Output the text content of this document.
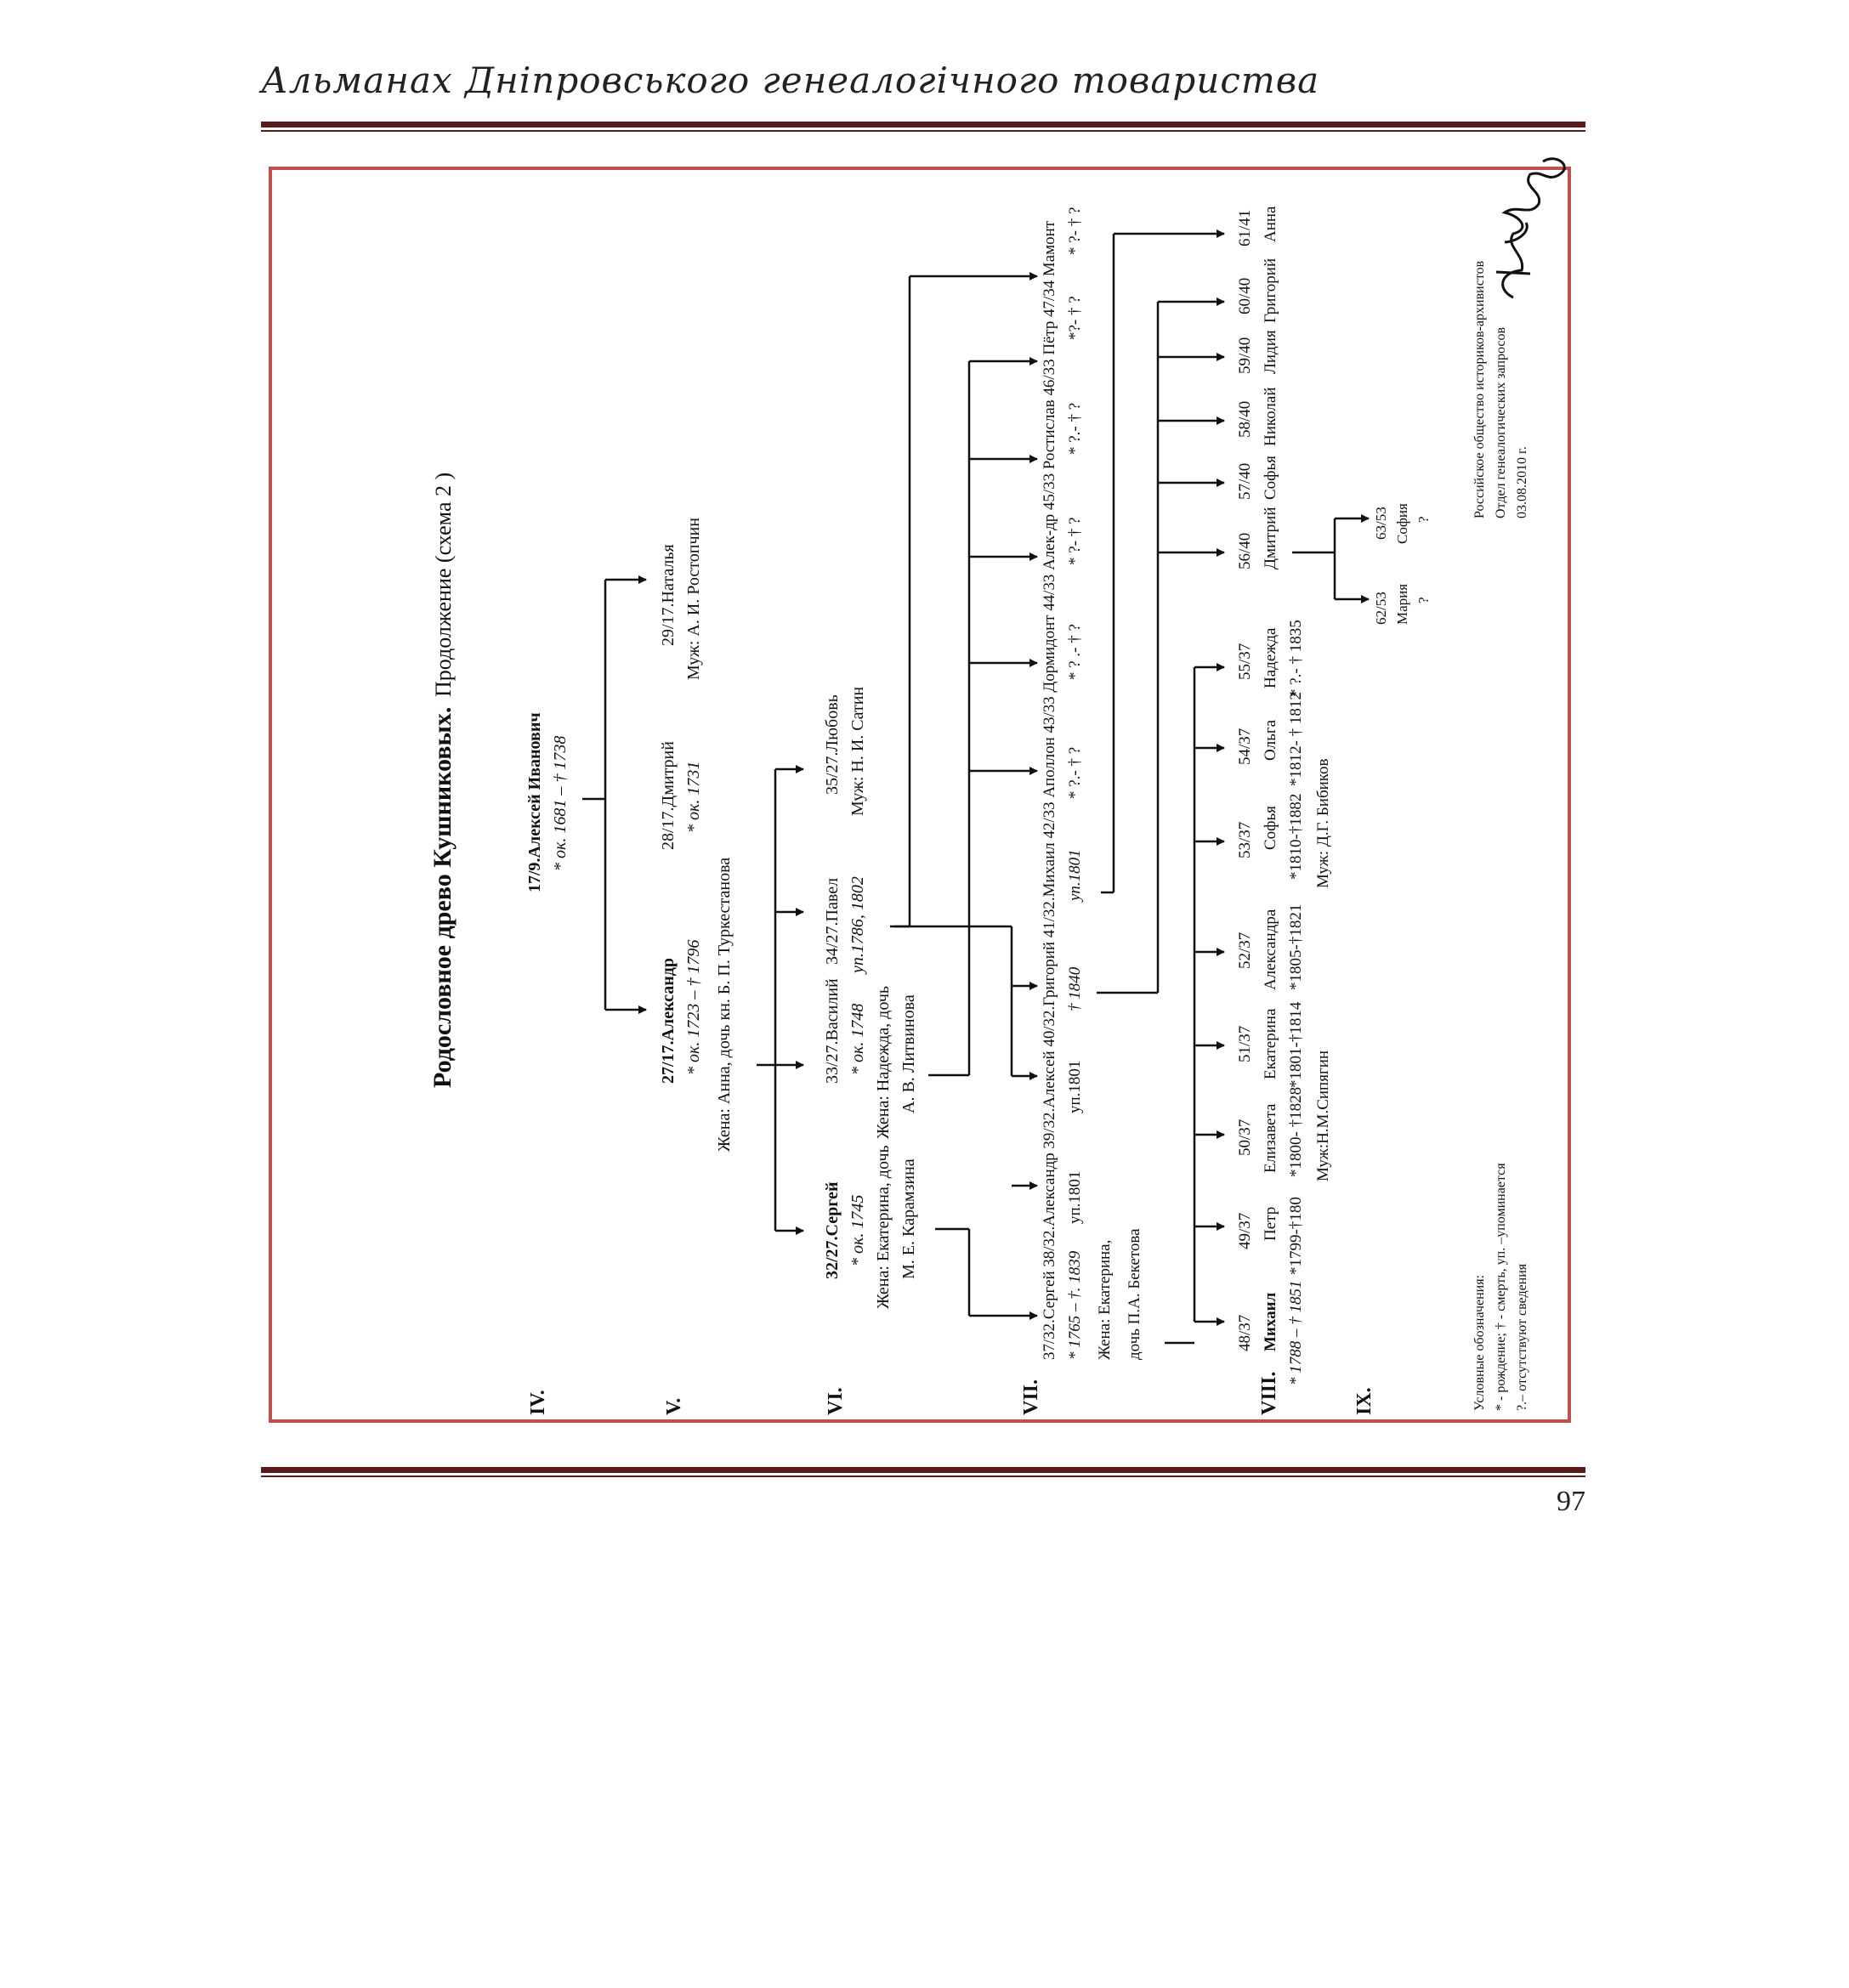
Альманах Дніпровського генеалогічного товариства
Родословное древо Кушниковых.
Продолжение (схема 2 )
IV.	V.	VI.	VII.	VIII.	IX.
17/9.Алексей Иванович * ок. 1681 – † 1738
27/17.Александр * ок. 1723 – † 1796 Жена: Анна, дочь кн. Б. П. Туркестанова
28/17.Дмитрий * ок. 1731
29/17.Наталья Муж: А. И. Ростопчин
32/27.Сергей * ок. 1745 Жена: Екатерина, дочь М. Е. Карамзина
33/27.Василий * ок. 1748 Жена: Надежда, дочь А. В. Литвинова
34/27.Павел уп.1786, 1802
35/27.Любовь Муж: Н. И. Сатин	37/32.Сергей 38/32.Александр 39/32.Алексей 40/32.Григорий 41/32.Михаил 42/33 Аполлон 43/33 Дормидонт 44/33 Алек-др 45/33 Ростислав 46/33 Пётр 47/34 Мамонт * 1765 – †. 1839
уп.1801
уп.1801
† 1840
уп.1801
* ?.- † ?
* ? .- † ?
* ?- † ?
* ?.- † ?
*?- † ?
* ?- † ?
Жена: Екатерина, дочь П.А. Бекетова	48/37 Михаил * 1788 – † 1851
49/37 Петр *1799-†180
50/37 Елизавета *1800- †1828 Муж:Н.М.Сипягин
51/37 Екатерина *1801-†1814
52/37 Александра *1805-†1821
53/37 Софья *1810-†1882 Муж: Д.Г. Бибиков
54/37 Ольга *1812- † 1812
55/37 Надежда * ?.- † 1835
56/40 Дмитрий
57/40 Софья
58/40 Николай
59/40 Лидия
60/40 Григорий
61/41 Анна
62/53 Мария ?
63/53 София ?
Условные обозначения: * - рождение; † - смерть, уп. –упоминается ?.– отсутствуют сведения
Российское общество историков-архивистов Отдел генеалогических запросов 03.08.2010 г.
97
